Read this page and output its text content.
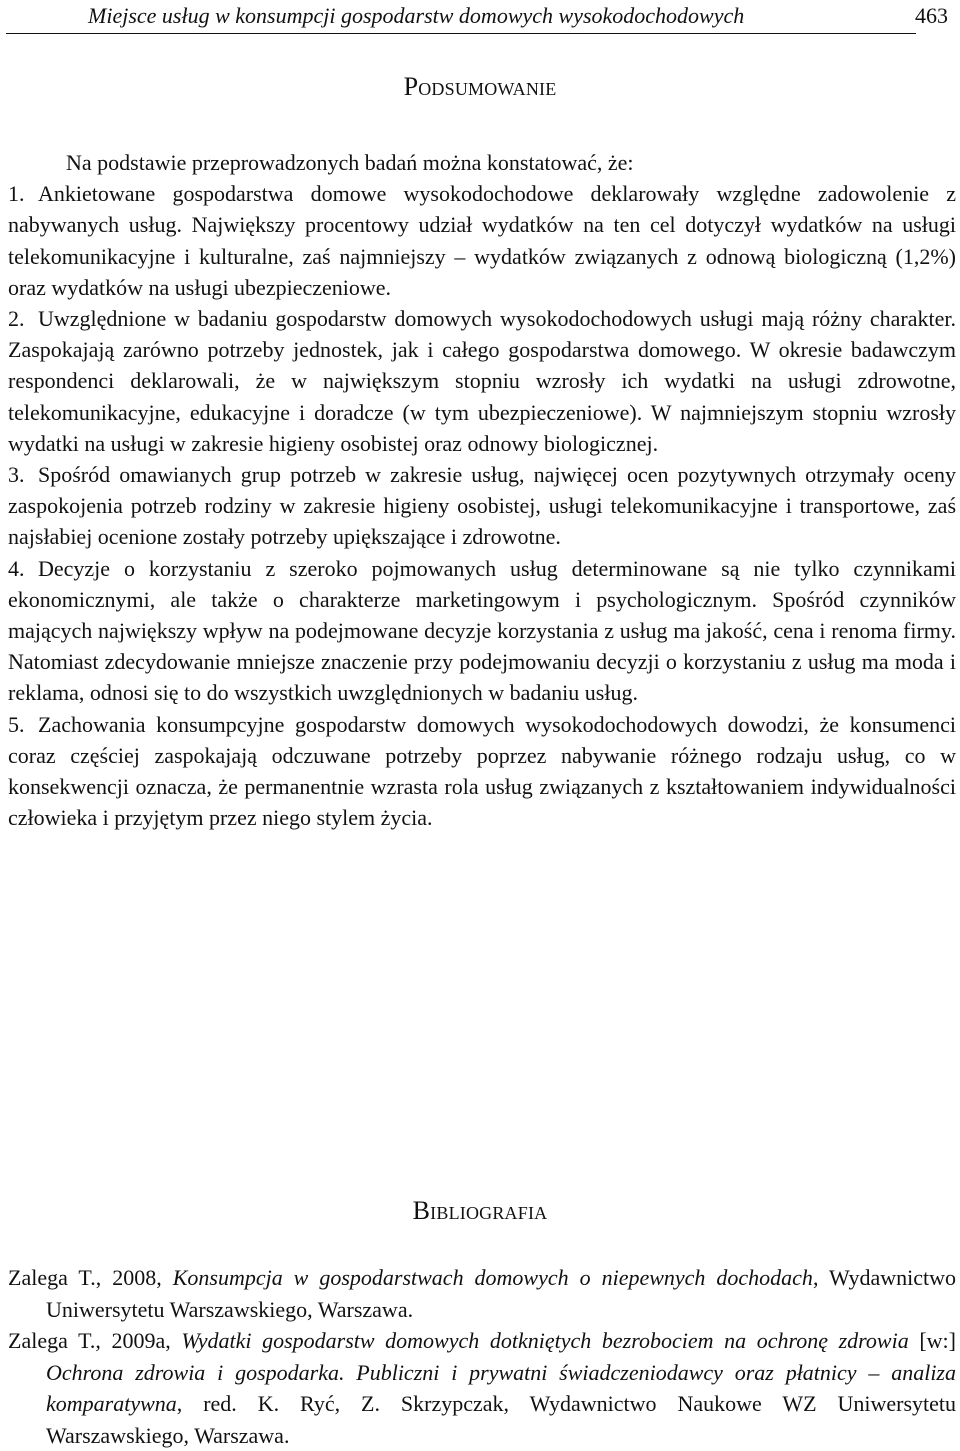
Miejsce usług w konsumpcji gospodarstw domowych wysokodochodowych	463
Podsumowanie

Na podstawie przeprowadzonych badań można konstatować, że:

1. Ankietowane gospodarstwa domowe wysokodochodowe deklarowały względne zadowolenie z nabywanych usług. Największy procentowy udział wydatków na ten cel dotyczył wydatków na usługi telekomunikacyjne i kulturalne, zaś najmniejszy – wydatków związanych z odnową biologiczną (1,2%) oraz wydatków na usługi ubezpieczeniowe.

2. Uwzględnione w badaniu gospodarstw domowych wysokodochodowych usługi mają różny charakter. Zaspokajają zarówno potrzeby jednostek, jak i całego gospodarstwa domowego. W okresie badawczym respondenci deklarowali, że w największym stopniu wzrosły ich wydatki na usługi zdrowotne, telekomunikacyjne, edukacyjne i doradcze (w tym ubezpieczeniowe). W najmniejszym stopniu wzrosły wydatki na usługi w zakresie higieny osobistej oraz odnowy biologicznej.

3. Spośród omawianych grup potrzeb w zakresie usług, najwięcej ocen pozytywnych otrzymały oceny zaspokojenia potrzeb rodziny w zakresie higieny osobistej, usługi telekomunikacyjne i transportowe, zaś najsłabiej ocenione zostały potrzeby upiększające i zdrowotne.

4. Decyzje o korzystaniu z szeroko pojmowanych usług determinowane są nie tylko czynnikami ekonomicznymi, ale także o charakterze marketingowym i psychologicznym. Spośród czynników mających największy wpływ na podejmowane decyzje korzystania z usług ma jakość, cena i renoma firmy. Natomiast zdecydowanie mniejsze znaczenie przy podejmowaniu decyzji o korzystaniu z usług ma moda i reklama, odnosi się to do wszystkich uwzględnionych w badaniu usług.

5. Zachowania konsumpcyjne gospodarstw domowych wysokodochodowych dowodzi, że konsumenci coraz częściej zaspokajają odczuwane potrzeby poprzez nabywanie różnego rodzaju usług, co w konsekwencji oznacza, że permanentnie wzrasta rola usług związanych z kształtowaniem indywidualności człowieka i przyjętym przez niego stylem życia.

Bibliografia

Zalega T., 2008, Konsumpcja w gospodarstwach domowych o niepewnych dochodach, Wydawnictwo Uniwersytetu Warszawskiego, Warszawa.

Zalega T., 2009a, Wydatki gospodarstw domowych dotkniętych bezrobociem na ochronę zdrowia [w:] Ochrona zdrowia i gospodarka. Publiczni i prywatni świadczeniodawcy oraz płatnicy – analiza komparatywna, red. K. Ryć, Z. Skrzypczak, Wydawnictwo Naukowe WZ Uniwersytetu Warszawskiego, Warszawa.
